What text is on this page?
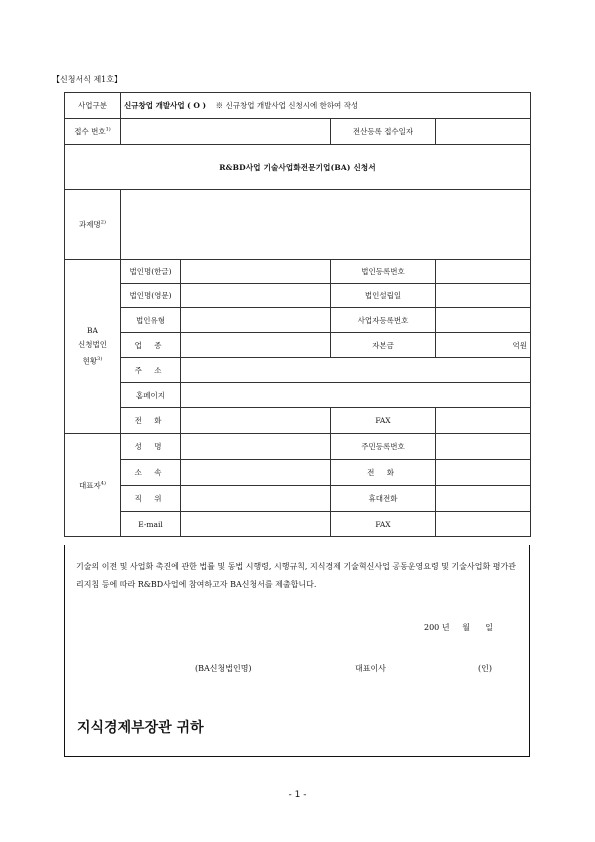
【신청서식 제1호】
사업구분	신규창업 개발사업 ( O ) ※ 신규창업 개발사업 신청시에 한하여 작성			
접수 번호$^{1)}$			전산등록 접수일자	
R&BD사업 기술사업화전문기업(BA) 신청서				
과제명$^{2)}$	

BA
신청법인
현황$^{3)}$	법인명(한글)		법인등록번호	
	법인명(영문)		법인설립일	
	법인유형		사업자등록번호	
	업 종		자본금	억원
	주 소			
	홈페이지			
	전 화		FAX	
대표자$^{4)}$	성 명		주민등록번호	
	소 속		전 화	
	직 위		휴대전화	
	E-mail		FAX	
기술의 이전 및 사업화 촉진에 관한 법률 및 동법 시행령, 시행규칙, 지식경제 기술혁신사업 공동운영요령 및 기술사업화 평가관리지침 등에 따라 R&BD사업에 참여하고자 BA신청서를 제출합니다.
200 년 월 일
(BA신청법인명)	대표이사	(인)
지식경제부장관 귀하
- 1 -
